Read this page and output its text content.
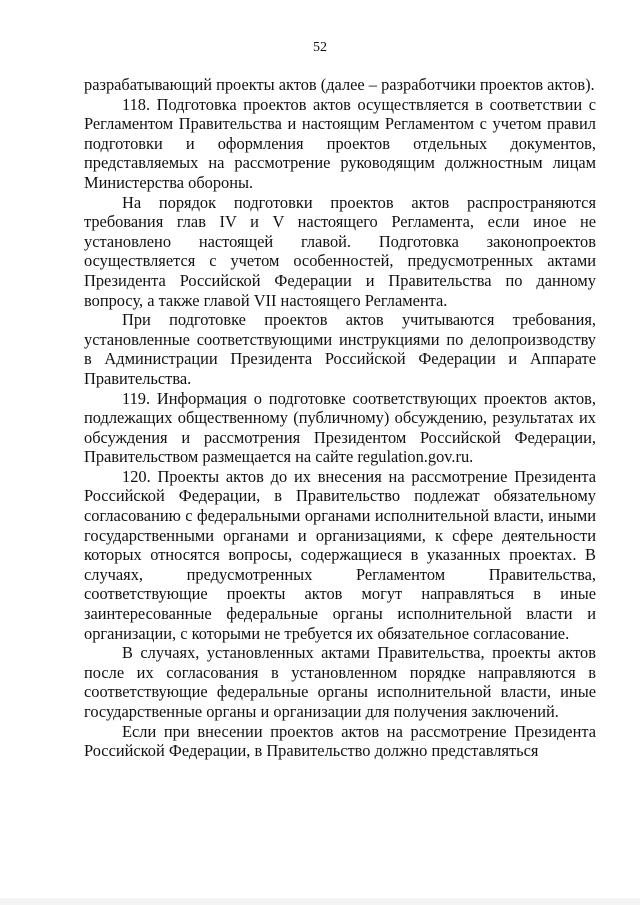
52

разрабатывающий проекты актов (далее – разработчики проектов актов).

118. Подготовка проектов актов осуществляется в соответствии с Регламентом Правительства и настоящим Регламентом с учетом правил подготовки и оформления проектов отдельных документов, представляемых на рассмотрение руководящим должностным лицам Министерства обороны.

На порядок подготовки проектов актов распространяются требования глав IV и V настоящего Регламента, если иное не установлено настоящей главой. Подготовка законопроектов осуществляется с учетом особенностей, предусмотренных актами Президента Российской Федерации и Правительства по данному вопросу, а также главой VII настоящего Регламента.

При подготовке проектов актов учитываются требования, установленные соответствующими инструкциями по делопроизводству в Администрации Президента Российской Федерации и Аппарате Правительства.

119. Информация о подготовке соответствующих проектов актов, подлежащих общественному (публичному) обсуждению, результатах их обсуждения и рассмотрения Президентом Российской Федерации, Правительством размещается на сайте regulation.gov.ru.

120. Проекты актов до их внесения на рассмотрение Президента Российской Федерации, в Правительство подлежат обязательному согласованию с федеральными органами исполнительной власти, иными государственными органами и организациями, к сфере деятельности которых относятся вопросы, содержащиеся в указанных проектах. В случаях, предусмотренных Регламентом Правительства, соответствующие проекты актов могут направляться в иные заинтересованные федеральные органы исполнительной власти и организации, с которыми не требуется их обязательное согласование.

В случаях, установленных актами Правительства, проекты актов после их согласования в установленном порядке направляются в соответствующие федеральные органы исполнительной власти, иные государственные органы и организации для получения заключений.

Если при внесении проектов актов на рассмотрение Президента Российской Федерации, в Правительство должно представляться
